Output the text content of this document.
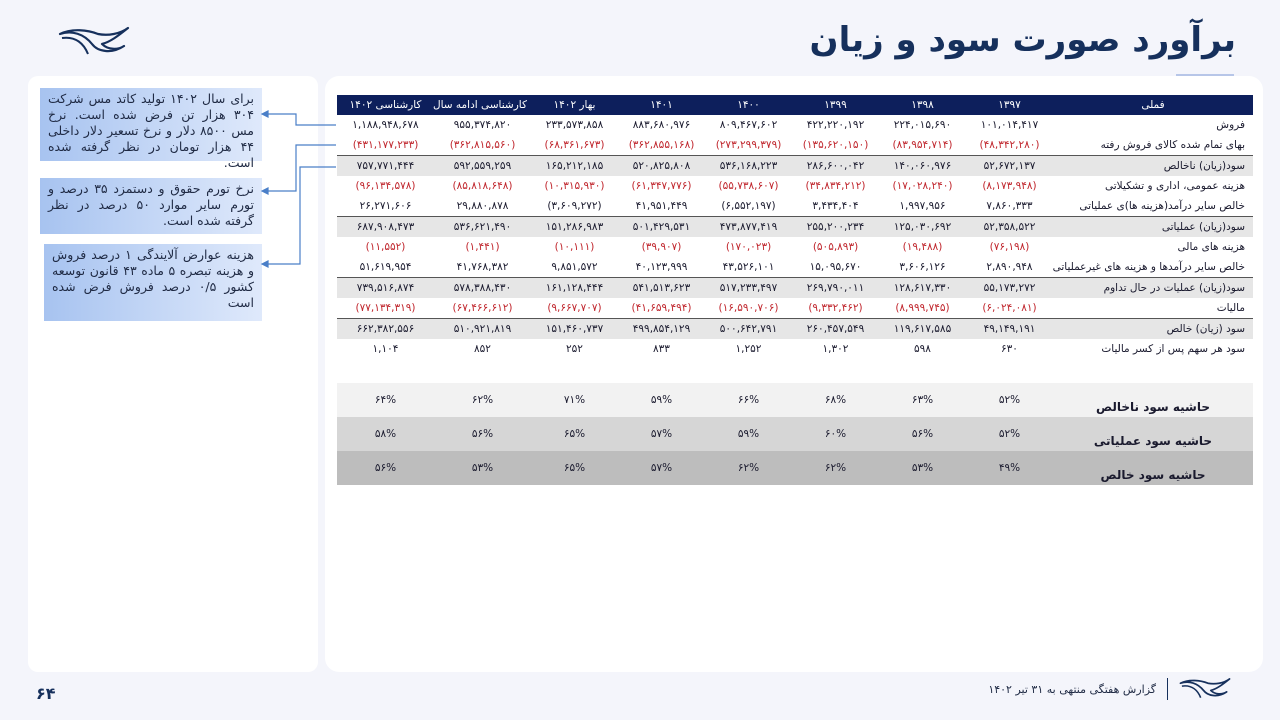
برآورد صورت سود و زیان
برای سال ۱۴۰۲ تولید کاتد مس شرکت ۳۰۴ هزار تن فرض شده است. نرخ مس ۸۵۰۰ دلار و نرخ تسعیر دلار داخلی ۴۴ هزار تومان در نظر گرفته شده است.
نرخ تورم حقوق و دستمزد ۳۵ درصد و تورم سایر موارد ۵۰ درصد در نظر گرفته شده است.
هزینه عوارض آلایندگی ۱ درصد فروش و هزینه تبصره ۵ ماده ۴۳ قانون توسعه کشور ۰/۵ درصد فروش فرض شده است
فملی	۱۳۹۷	۱۳۹۸	۱۳۹۹	۱۴۰۰	۱۴۰۱	بهار ۱۴۰۲	کارشناسی ادامه سال	کارشناسی ۱۴۰۲
فروش	۱۰۱,۰۱۴,۴۱۷	۲۲۴,۰۱۵,۶۹۰	۴۲۲,۲۲۰,۱۹۲	۸۰۹,۴۶۷,۶۰۲	۸۸۳,۶۸۰,۹۷۶	۲۳۳,۵۷۳,۸۵۸	۹۵۵,۳۷۴,۸۲۰	۱,۱۸۸,۹۴۸,۶۷۸
بهای تمام شده کالای فروش رفته	(۴۸,۳۴۲,۲۸۰)	(۸۳,۹۵۴,۷۱۴)	(۱۳۵,۶۲۰,۱۵۰)	(۲۷۳,۲۹۹,۳۷۹)	(۳۶۲,۸۵۵,۱۶۸)	(۶۸,۳۶۱,۶۷۳)	(۳۶۲,۸۱۵,۵۶۰)	(۴۳۱,۱۷۷,۲۳۳)
سود(زیان) ناخالص	۵۲,۶۷۲,۱۳۷	۱۴۰,۰۶۰,۹۷۶	۲۸۶,۶۰۰,۰۴۲	۵۳۶,۱۶۸,۲۲۳	۵۲۰,۸۲۵,۸۰۸	۱۶۵,۲۱۲,۱۸۵	۵۹۲,۵۵۹,۲۵۹	۷۵۷,۷۷۱,۴۴۴
هزینه عمومی، اداری و تشکیلاتی	(۸,۱۷۳,۹۴۸)	(۱۷,۰۲۸,۲۴۰)	(۳۴,۸۳۴,۲۱۲)	(۵۵,۷۳۸,۶۰۷)	(۶۱,۳۴۷,۷۷۶)	(۱۰,۳۱۵,۹۳۰)	(۸۵,۸۱۸,۶۴۸)	(۹۶,۱۳۴,۵۷۸)
خالص سایر درآمد(هزینه ها)ی عملیاتی	۷,۸۶۰,۳۳۳	۱,۹۹۷,۹۵۶	۳,۴۳۴,۴۰۴	(۶,۵۵۲,۱۹۷)	۴۱,۹۵۱,۴۴۹	(۳,۶۰۹,۲۷۲)	۲۹,۸۸۰,۸۷۸	۲۶,۲۷۱,۶۰۶
سود(زیان) عملیاتی	۵۲,۳۵۸,۵۲۲	۱۲۵,۰۳۰,۶۹۲	۲۵۵,۲۰۰,۲۳۴	۴۷۳,۸۷۷,۴۱۹	۵۰۱,۴۲۹,۵۳۱	۱۵۱,۲۸۶,۹۸۳	۵۳۶,۶۲۱,۴۹۰	۶۸۷,۹۰۸,۴۷۳
هزینه های مالی	(۷۶,۱۹۸)	(۱۹,۴۸۸)	(۵۰۵,۸۹۳)	(۱۷۰,۰۲۳)	(۳۹,۹۰۷)	(۱۰,۱۱۱)	(۱,۴۴۱)	(۱۱,۵۵۲)
خالص سایر درآمدها و هزینه های غیرعملیاتی	۲,۸۹۰,۹۴۸	۳,۶۰۶,۱۲۶	۱۵,۰۹۵,۶۷۰	۴۳,۵۲۶,۱۰۱	۴۰,۱۲۳,۹۹۹	۹,۸۵۱,۵۷۲	۴۱,۷۶۸,۳۸۲	۵۱,۶۱۹,۹۵۴
سود(زیان) عملیات در حال تداوم	۵۵,۱۷۳,۲۷۲	۱۲۸,۶۱۷,۳۳۰	۲۶۹,۷۹۰,۰۱۱	۵۱۷,۲۳۳,۴۹۷	۵۴۱,۵۱۳,۶۲۳	۱۶۱,۱۲۸,۴۴۴	۵۷۸,۳۸۸,۴۳۰	۷۳۹,۵۱۶,۸۷۴
مالیات	(۶,۰۲۴,۰۸۱)	(۸,۹۹۹,۷۴۵)	(۹,۳۳۲,۴۶۲)	(۱۶,۵۹۰,۷۰۶)	(۴۱,۶۵۹,۴۹۴)	(۹,۶۶۷,۷۰۷)	(۶۷,۴۶۶,۶۱۲)	(۷۷,۱۳۴,۳۱۹)
سود (زیان) خالص	۴۹,۱۴۹,۱۹۱	۱۱۹,۶۱۷,۵۸۵	۲۶۰,۴۵۷,۵۴۹	۵۰۰,۶۴۲,۷۹۱	۴۹۹,۸۵۴,۱۲۹	۱۵۱,۴۶۰,۷۳۷	۵۱۰,۹۲۱,۸۱۹	۶۶۲,۳۸۲,۵۵۶
سود هر سهم پس از کسر مالیات	۶۳۰	۵۹۸	۱,۳۰۲	۱,۲۵۲	۸۳۳	۲۵۲	۸۵۲	۱,۱۰۴
حاشیه سود ناخالص	۵۲%	۶۳%	۶۸%	۶۶%	۵۹%	۷۱%	۶۲%	۶۴%
حاشیه سود عملیاتی	۵۲%	۵۶%	۶۰%	۵۹%	۵۷%	۶۵%	۵۶%	۵۸%
حاشیه سود خالص	۴۹%	۵۳%	۶۲%	۶۲%	۵۷%	۶۵%	۵۳%	۵۶%
گزارش هفتگی منتهی به ۳۱ تیر ۱۴۰۲
۶۴
